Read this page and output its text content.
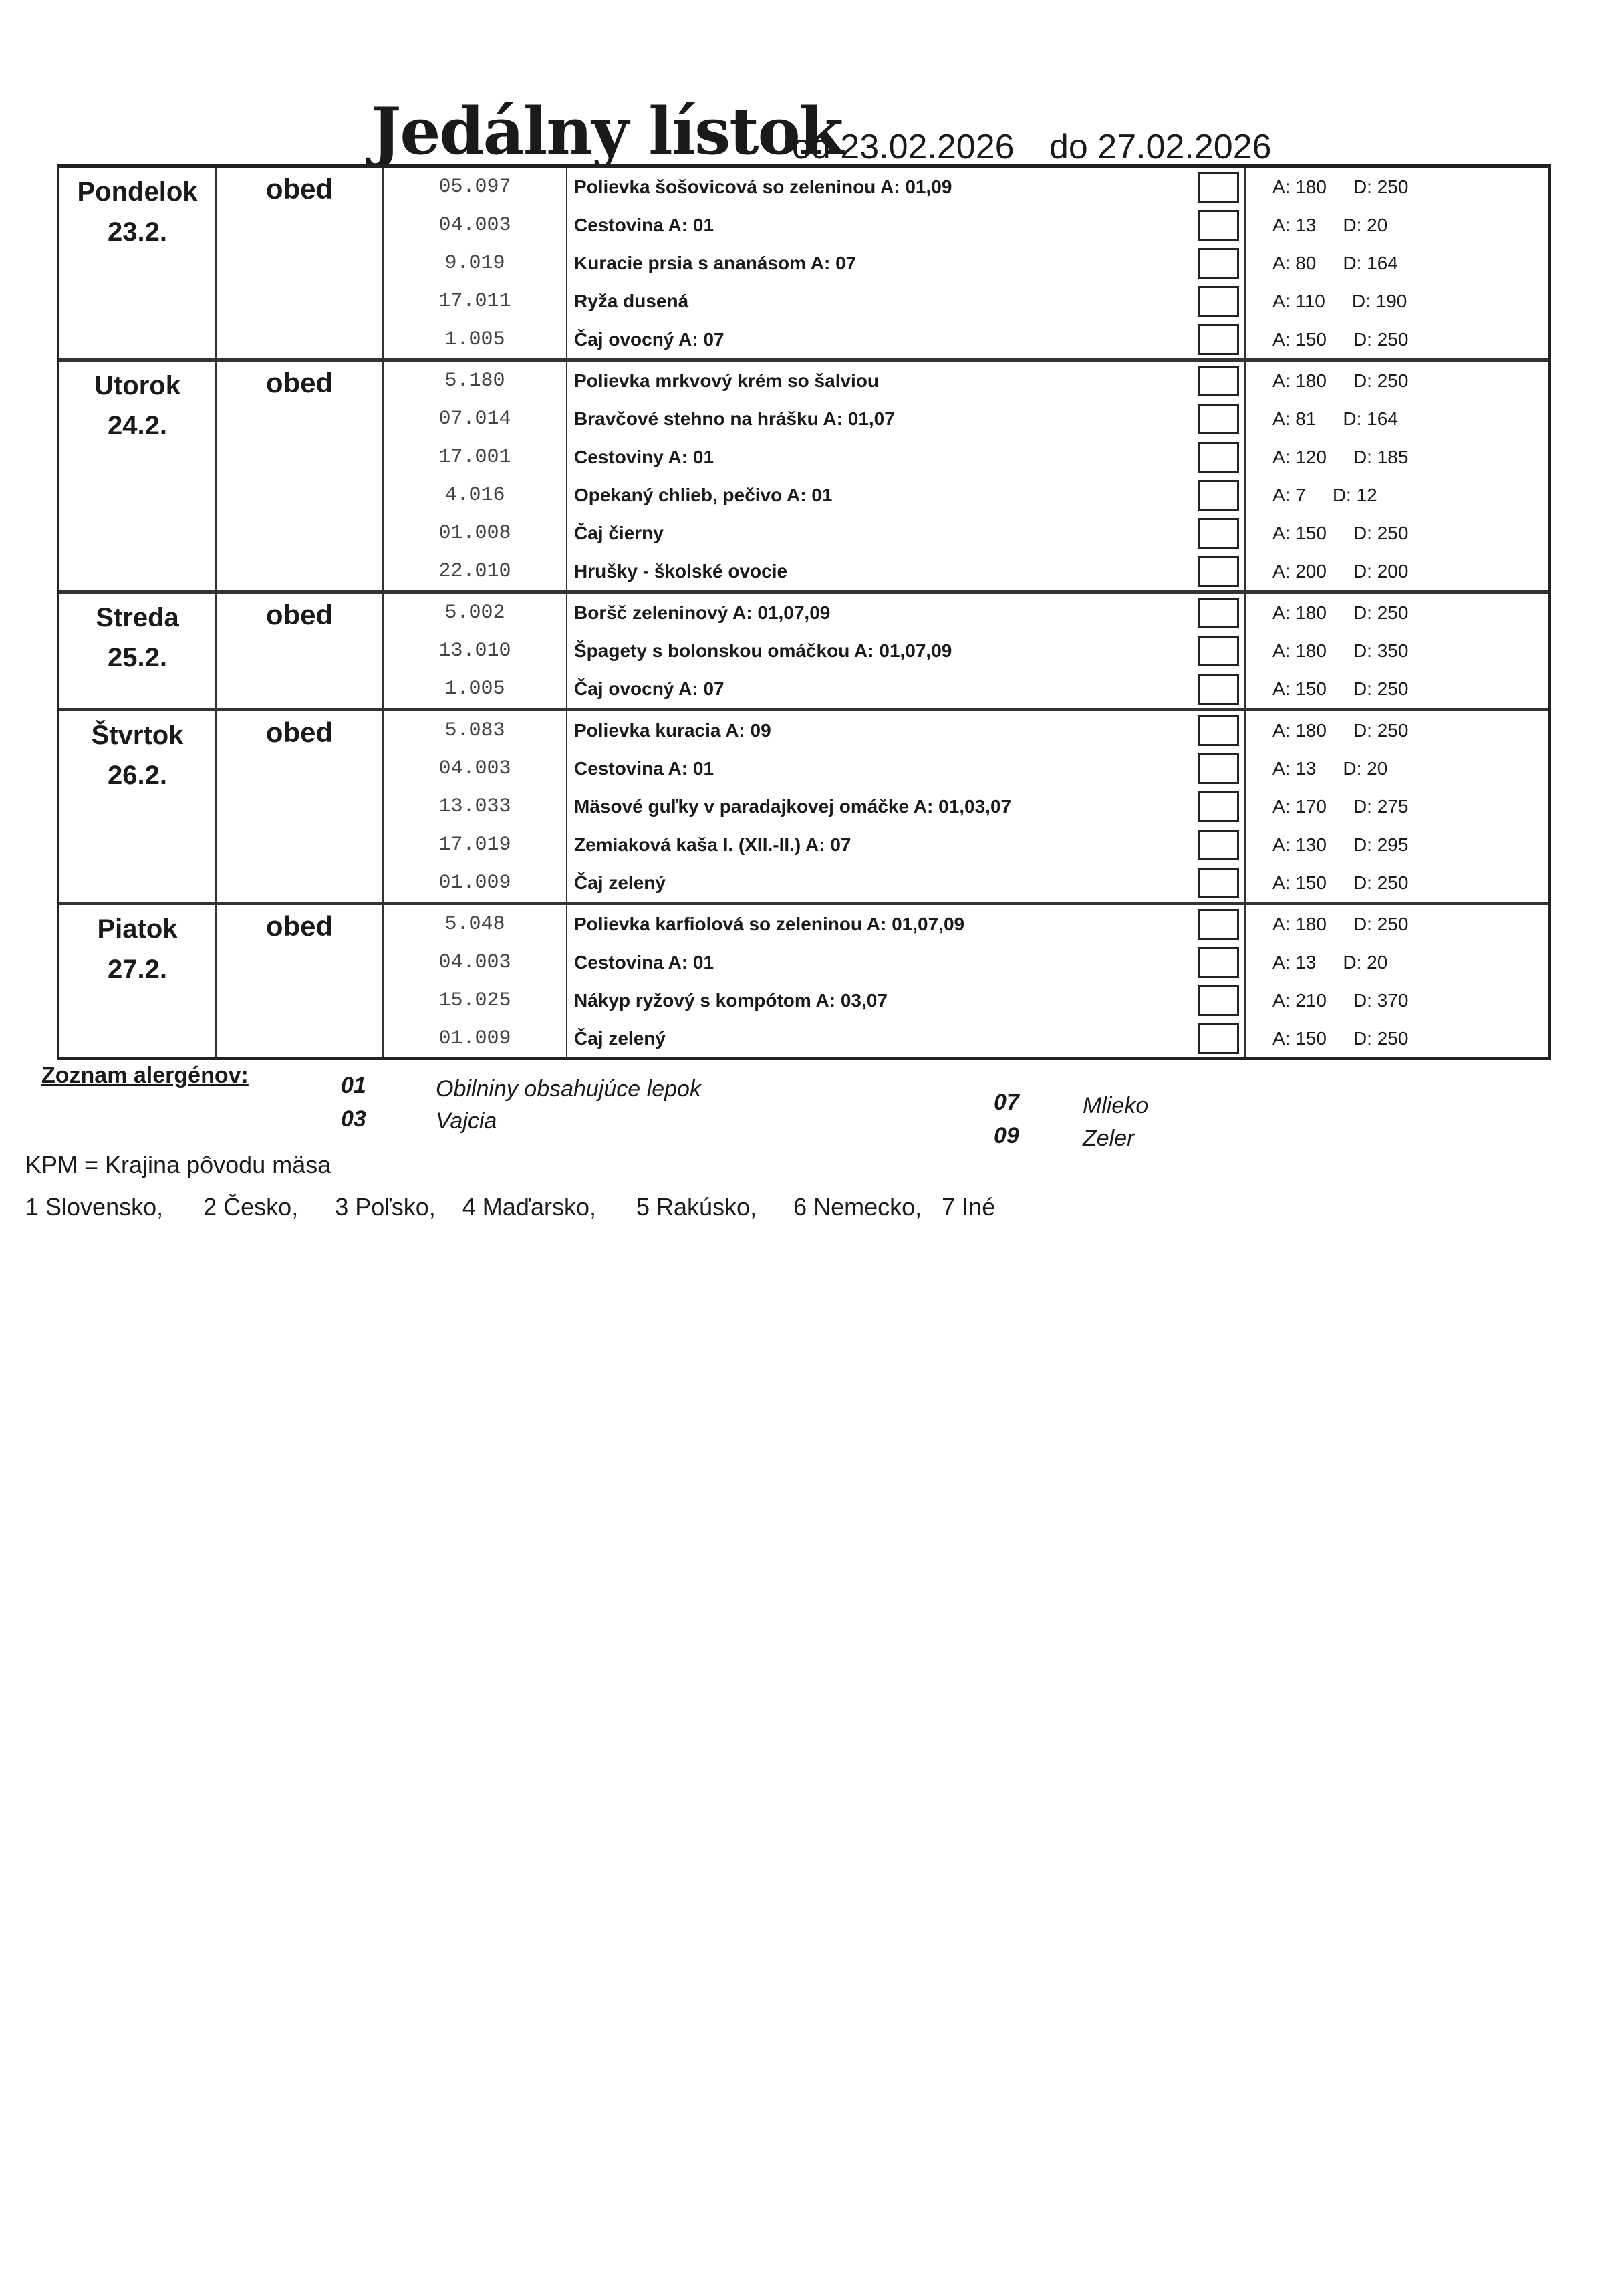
Jedálny lístok
od 23.02.2026 do 27.02.2026
Pondelok
23.2.
obed	05.097	Polievka šošovicová so zeleninou A: 01,09	A: 180 D: 250
04.003	Cestovina A: 01	A: 13 D: 20
9.019	Kuracie prsia s ananásom A: 07	A: 80 D: 164
17.011	Ryža dusená	A: 110 D: 190
1.005	Čaj ovocný A: 07	A: 150 D: 250
Utorok
24.2.
obed	5.180	Polievka mrkvový krém so šalviou	A: 180 D: 250
07.014	Bravčové stehno na hrášku A: 01,07	A: 81 D: 164
17.001	Cestoviny A: 01	A: 120 D: 185
4.016	Opekaný chlieb, pečivo A: 01	A: 7 D: 12
01.008	Čaj čierny	A: 150 D: 250
22.010	Hrušky - školské ovocie	A: 200 D: 200
Streda
25.2.
obed	5.002	Boršč zeleninový A: 01,07,09	A: 180 D: 250
13.010	Špagety s bolonskou omáčkou A: 01,07,09	A: 180 D: 350
1.005	Čaj ovocný A: 07	A: 150 D: 250
Štvrtok
26.2.
obed	5.083	Polievka kuracia A: 09	A: 180 D: 250
04.003	Cestovina A: 01	A: 13 D: 20
13.033	Mäsové guľky v paradajkovej omáčke A: 01,03,07	A: 170 D: 275
17.019	Zemiaková kaša I. (XII.-II.) A: 07	A: 130 D: 295
01.009	Čaj zelený	A: 150 D: 250
Piatok
27.2.
obed	5.048	Polievka karfiolová so zeleninou A: 01,07,09	A: 180 D: 250
04.003	Cestovina A: 01	A: 13 D: 20
15.025	Nákyp ryžový s kompótom A: 03,07	A: 210 D: 370
01.009	Čaj zelený	A: 150 D: 250
Zoznam alergénov:	01	Obilniny obsahujúce lepok
03	Vajcia
07	Mlieko
09	Zeler
KPM = Krajina pôvodu mäsa
1 Slovensko, 2 Česko, 3 Poľsko, 4 Maďarsko, 5 Rakúsko, 6 Nemecko, 7 Iné
